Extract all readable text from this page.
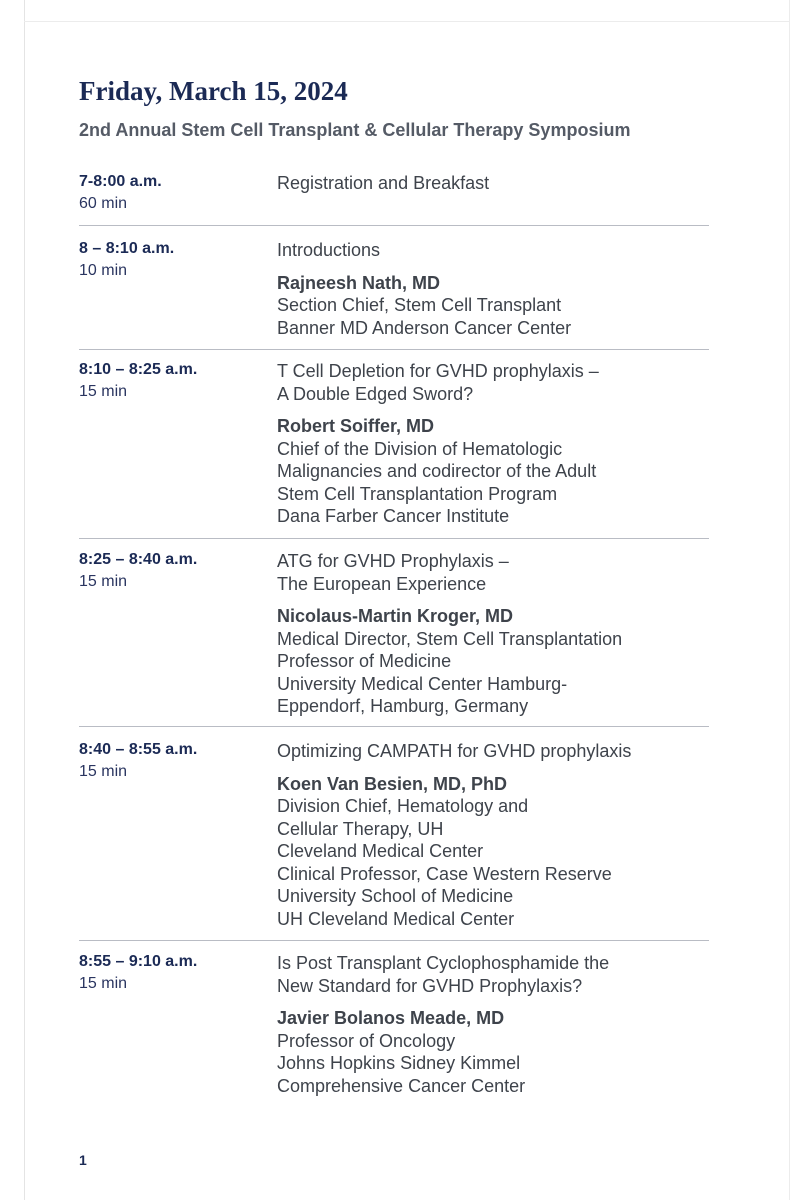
Friday, March 15, 2024
2nd Annual Stem Cell Transplant & Cellular Therapy Symposium
7-8:00 a.m.
60 min
Registration and Breakfast
8 – 8:10 a.m.
10 min
Introductions
Rajneesh Nath, MD
Section Chief, Stem Cell Transplant
Banner MD Anderson Cancer Center
8:10 – 8:25 a.m.
15 min
T Cell Depletion for GVHD prophylaxis –
A Double Edged Sword?
Robert Soiffer, MD
Chief of the Division of Hematologic
Malignancies and codirector of the Adult
Stem Cell Transplantation Program
Dana Farber Cancer Institute
8:25 – 8:40 a.m.
15 min
ATG for GVHD Prophylaxis –
The European Experience
Nicolaus-Martin Kroger, MD
Medical Director, Stem Cell Transplantation
Professor of Medicine
University Medical Center Hamburg-
Eppendorf, Hamburg, Germany
8:40 – 8:55 a.m.
15 min
Optimizing CAMPATH for GVHD prophylaxis
Koen Van Besien, MD, PhD
Division Chief, Hematology and
Cellular Therapy, UH
Cleveland Medical Center
Clinical Professor, Case Western Reserve
University School of Medicine
UH Cleveland Medical Center
8:55 – 9:10 a.m.
15 min
Is Post Transplant Cyclophosphamide the
New Standard for GVHD Prophylaxis?
Javier Bolanos Meade, MD
Professor of Oncology
Johns Hopkins Sidney Kimmel
Comprehensive Cancer Center
1
